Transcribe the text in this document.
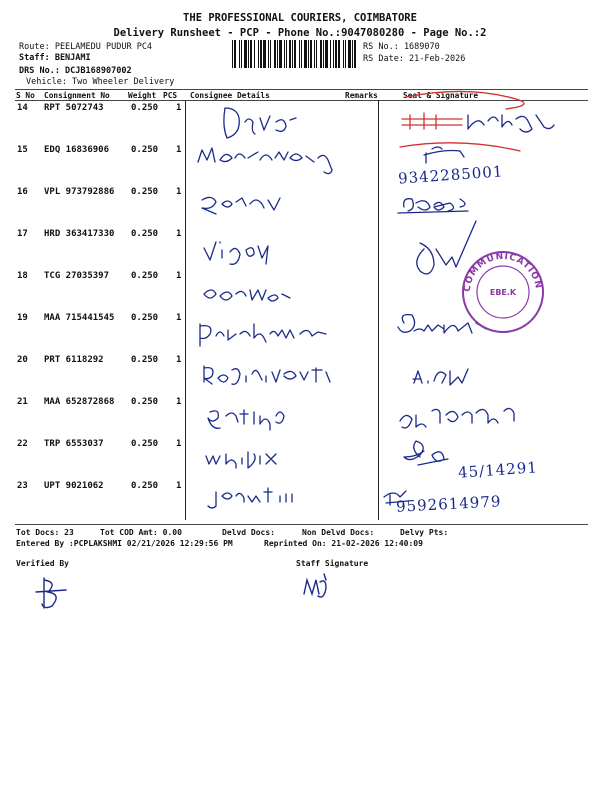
THE PROFESSIONAL COURIERS, COIMBATORE
Delivery Runsheet - PCP - Phone No.:9047080280 - Page No.:2
Route: PEELAMEDU PUDUR PC4
Staff: BENJAMI
DRS No.: DCJB168907002
Vehicle: Two Wheeler Delivery
RS No.: 1689070
RS Date: 21-Feb-2026
S No Consignment No Weight PCS Consignee Details	Remarks	Seal & Signature
14 RPT 5072743	0.250 1
15 EDQ 16836906 0.250 1
16 VPL 973792886 0.250 1
17 HRD 363417330 0.250 1
18 TCG 27035397 0.250 1
19 MAA 715441545 0.250 1
20 PRT 6118292	0.250 1
21 MAA 652872868 0.250 1
22 TRP 6553037	0.250 1
23 UPT 9021062	0.250 1
9342285001
45/14291
9592614979
COMMUNICATION
EBE.K
Tot Docs: 23	Tot COD Amt: 0.00	Delvd Docs:	Non Delvd Docs:	Delvy Pts:
Entered By :PCPLAKSHMI 02/21/2026 12:29:56 PM	Reprinted On: 21-02-2026 12:40:09
Verified By	Staff Signature
